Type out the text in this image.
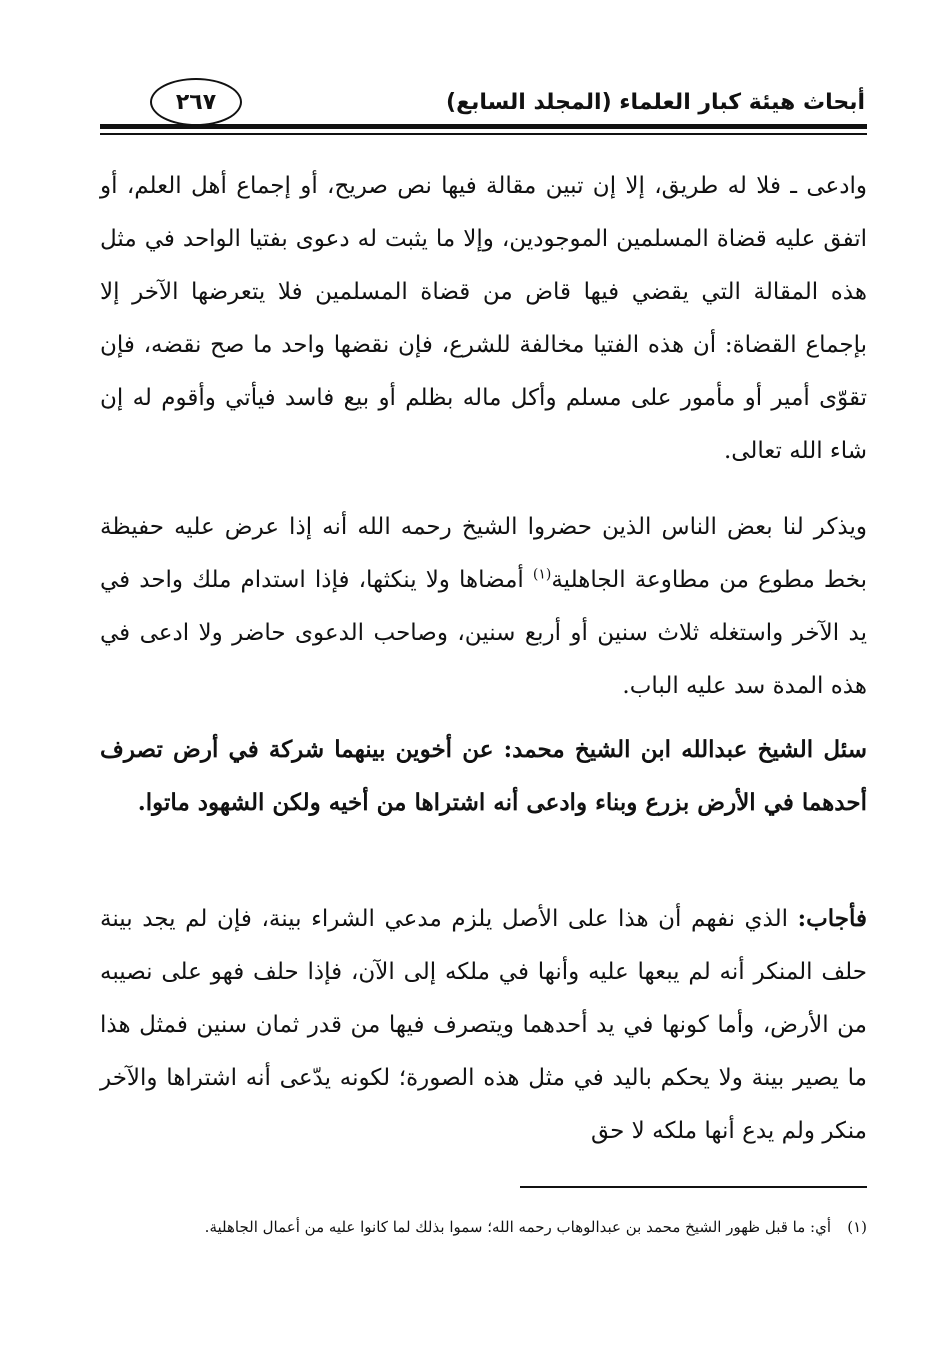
أبحاث هيئة كبار العلماء (المجلد السابع)
٢٦٧

وادعى ـ فلا له طريق، إلا إن تبين مقالة فيها نص صريح، أو إجماع أهل العلم، أو اتفق عليه قضاة المسلمين الموجودين، وإلا ما يثبت له دعوى بفتيا الواحد في مثل هذه المقالة التي يقضي فيها قاض من قضاة المسلمين فلا يتعرضها الآخر إلا بإجماع القضاة: أن هذه الفتيا مخالفة للشرع، فإن نقضها واحد ما صح نقضه، فإن تقوّى أمير أو مأمور على مسلم وأكل ماله بظلم أو بيع فاسد فيأتي وأقوم له إن شاء الله تعالى.

ويذكر لنا بعض الناس الذين حضروا الشيخ رحمه الله أنه إذا عرض عليه حفيظة بخط مطوع من مطاوعة الجاهلية$^{(١)}$ أمضاها ولا ينكثها، فإذا استدام ملك واحد في يد الآخر واستغله ثلاث سنين أو أربع سنين، وصاحب الدعوى حاضر ولا ادعى في هذه المدة سد عليه الباب.

سئل الشيخ عبدالله ابن الشيخ محمد: عن أخوين بينهما شركة في أرض تصرف أحدهما في الأرض بزرع وبناء وادعى أنه اشتراها من أخيه ولكن الشهود ماتوا.

فأجاب: الذي نفهم أن هذا على الأصل يلزم مدعي الشراء بينة، فإن لم يجد بينة حلف المنكر أنه لم يبعها عليه وأنها في ملكه إلى الآن، فإذا حلف فهو على نصيبه من الأرض، وأما كونها في يد أحدهما ويتصرف فيها من قدر ثمان سنين فمثل هذا ما يصير بينة ولا يحكم باليد في مثل هذه الصورة؛ لكونه يدّعى أنه اشتراها والآخر منكر ولم يدع أنها ملكه لا حق

(١)أي: ما قبل ظهور الشيخ محمد بن عبدالوهاب رحمه الله؛ سموا بذلك لما كانوا عليه من أعمال الجاهلية.
